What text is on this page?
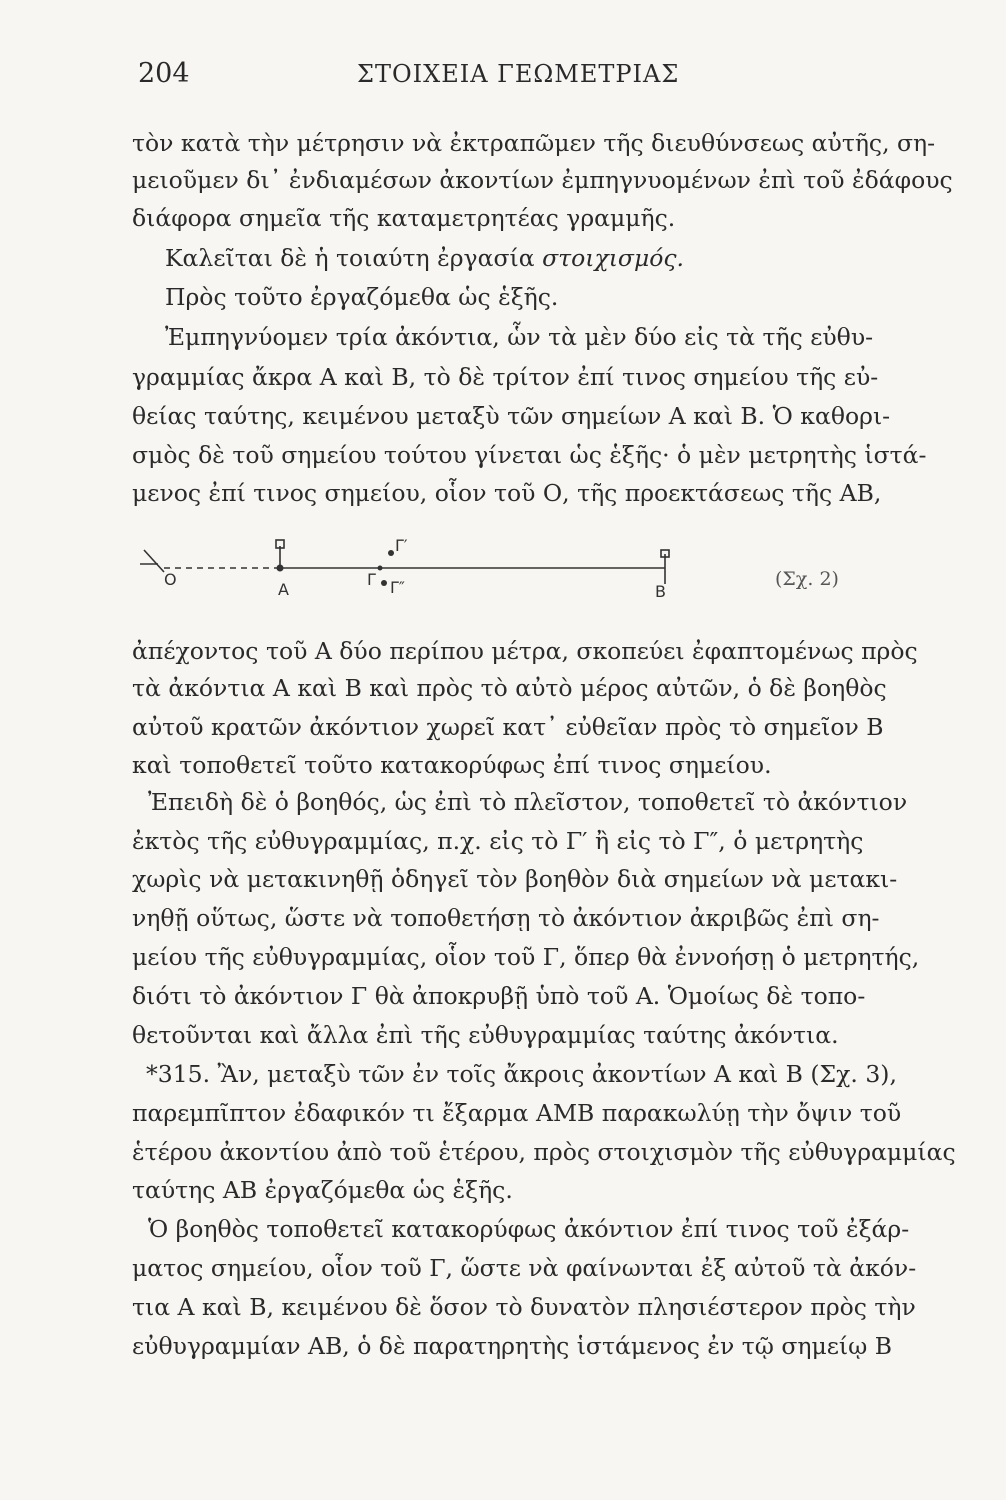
204	ΣΤΟΙΧΕΙΑ ΓΕΩΜΕΤΡΙΑΣ
τὸν κατὰ τὴν μέτρησιν νὰ ἐκτραπῶμεν τῆς διευθύνσεως αὐτῆς, ση-
μειοῦμεν δι᾽ ἐνδιαμέσων ἀκοντίων ἐμπηγνυομένων ἐπὶ τοῦ ἐδάφους
διάφορα σημεῖα τῆς καταμετρητέας γραμμῆς.
Καλεῖται δὲ ἡ τοιαύτη ἐργασία στοιχισμός.
Πρὸς τοῦτο ἐργαζόμεθα ὡς ἑξῆς.
Ἐμπηγνύομεν τρία ἀκόντια, ὧν τὰ μὲν δύο εἰς τὰ τῆς εὐθυ-
γραμμίας ἄκρα Α καὶ Β, τὸ δὲ τρίτον ἐπί τινος σημείου τῆς εὐ-
θείας ταύτης, κειμένου μεταξὺ τῶν σημείων Α καὶ Β. Ὁ καθορι-
σμὸς δὲ τοῦ σημείου τούτου γίνεται ὡς ἑξῆς· ὁ μὲν μετρητὴς ἱστά-
μενος ἐπί τινος σημείου, οἷον τοῦ Ο, τῆς προεκτάσεως τῆς ΑΒ,
O
A
Γ
Γ′
Γ″	B
(Σχ. 2)
ἀπέχοντος τοῦ Α δύο περίπου μέτρα, σκοπεύει ἐφαπτομένως πρὸς
τὰ ἀκόντια Α καὶ Β καὶ πρὸς τὸ αὐτὸ μέρος αὐτῶν, ὁ δὲ βοηθὸς
αὐτοῦ κρατῶν ἀκόντιον χωρεῖ κατ᾽ εὐθεῖαν πρὸς τὸ σημεῖον Β
καὶ τοποθετεῖ τοῦτο κατακορύφως ἐπί τινος σημείου.
Ἐπειδὴ δὲ ὁ βοηθός, ὡς ἐπὶ τὸ πλεῖστον, τοποθετεῖ τὸ ἀκόντιον
ἐκτὸς τῆς εὐθυγραμμίας, π.χ. εἰς τὸ Γ′ ἢ εἰς τὸ Γ″, ὁ μετρητὴς
χωρὶς νὰ μετακινηθῇ ὁδηγεῖ τὸν βοηθὸν διὰ σημείων νὰ μετακι-
νηθῇ οὕτως, ὥστε νὰ τοποθετήσῃ τὸ ἀκόντιον ἀκριβῶς ἐπὶ ση-
μείου τῆς εὐθυγραμμίας, οἷον τοῦ Γ, ὅπερ θὰ ἐννοήσῃ ὁ μετρητής,
διότι τὸ ἀκόντιον Γ θὰ ἀποκρυβῇ ὑπὸ τοῦ Α. Ὁμοίως δὲ τοπο-
θετοῦνται καὶ ἄλλα ἐπὶ τῆς εὐθυγραμμίας ταύτης ἀκόντια.
*315. Ἂν, μεταξὺ τῶν ἐν τοῖς ἄκροις ἀκοντίων Α καὶ Β (Σχ. 3),
παρεμπῖπτον ἐδαφικόν τι ἔξαρμα ΑΜΒ παρακωλύῃ τὴν ὄψιν τοῦ
ἑτέρου ἀκοντίου ἀπὸ τοῦ ἑτέρου, πρὸς στοιχισμὸν τῆς εὐθυγραμμίας
ταύτης ΑΒ ἐργαζόμεθα ὡς ἑξῆς.
Ὁ βοηθὸς τοποθετεῖ κατακορύφως ἀκόντιον ἐπί τινος τοῦ ἐξάρ-
ματος σημείου, οἷον τοῦ Γ, ὥστε νὰ φαίνωνται ἐξ αὐτοῦ τὰ ἀκόν-
τια Α καὶ Β, κειμένου δὲ ὅσον τὸ δυνατὸν πλησιέστερον πρὸς τὴν
εὐθυγραμμίαν ΑΒ, ὁ δὲ παρατηρητὴς ἱστάμενος ἐν τῷ σημείῳ Β
